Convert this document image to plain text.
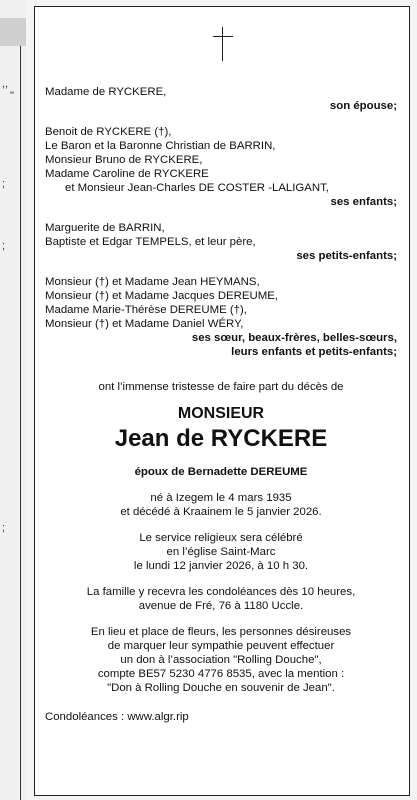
,,
"
;
;
;
Madame de RYCKERE,
son épouse;
Benoit de RYCKERE (†),
Le Baron et la Baronne Christian de BARRIN,
Monsieur Bruno de RYCKERE,
Madame Caroline de RYCKERE
et Monsieur Jean-Charles DE COSTER -LALIGANT,
ses enfants;
Marguerite de BARRIN,
Baptiste et Edgar TEMPELS, et leur père,
ses petits-enfants;
Monsieur (†) et Madame Jean HEYMANS,
Monsieur (†) et Madame Jacques DEREUME,
Madame Marie-Thérèse DEREUME (†),
Monsieur (†) et Madame Daniel WÉRY,
ses sœur, beaux-frères, belles-sœurs,
leurs enfants et petits-enfants;
ont l’immense tristesse de faire part du décès de
MONSIEUR
Jean de RYCKERE
époux de Bernadette DEREUME
né à Izegem le 4 mars 1935
et décédé à Kraainem le 5 janvier 2026.
Le service religieux sera célébré
en l’église Saint-Marc
le lundi 12 janvier 2026, à 10 h 30.
La famille y recevra les condoléances dès 10 heures,
avenue de Fré, 76 à 1180 Uccle.
En lieu et place de fleurs, les personnes désireuses
de marquer leur sympathie peuvent effectuer
un don à l’association "Rolling Douche",
compte BE57 5230 4776 8535, avec la mention :
"Don à Rolling Douche en souvenir de Jean".
Condoléances : www.algr.rip
